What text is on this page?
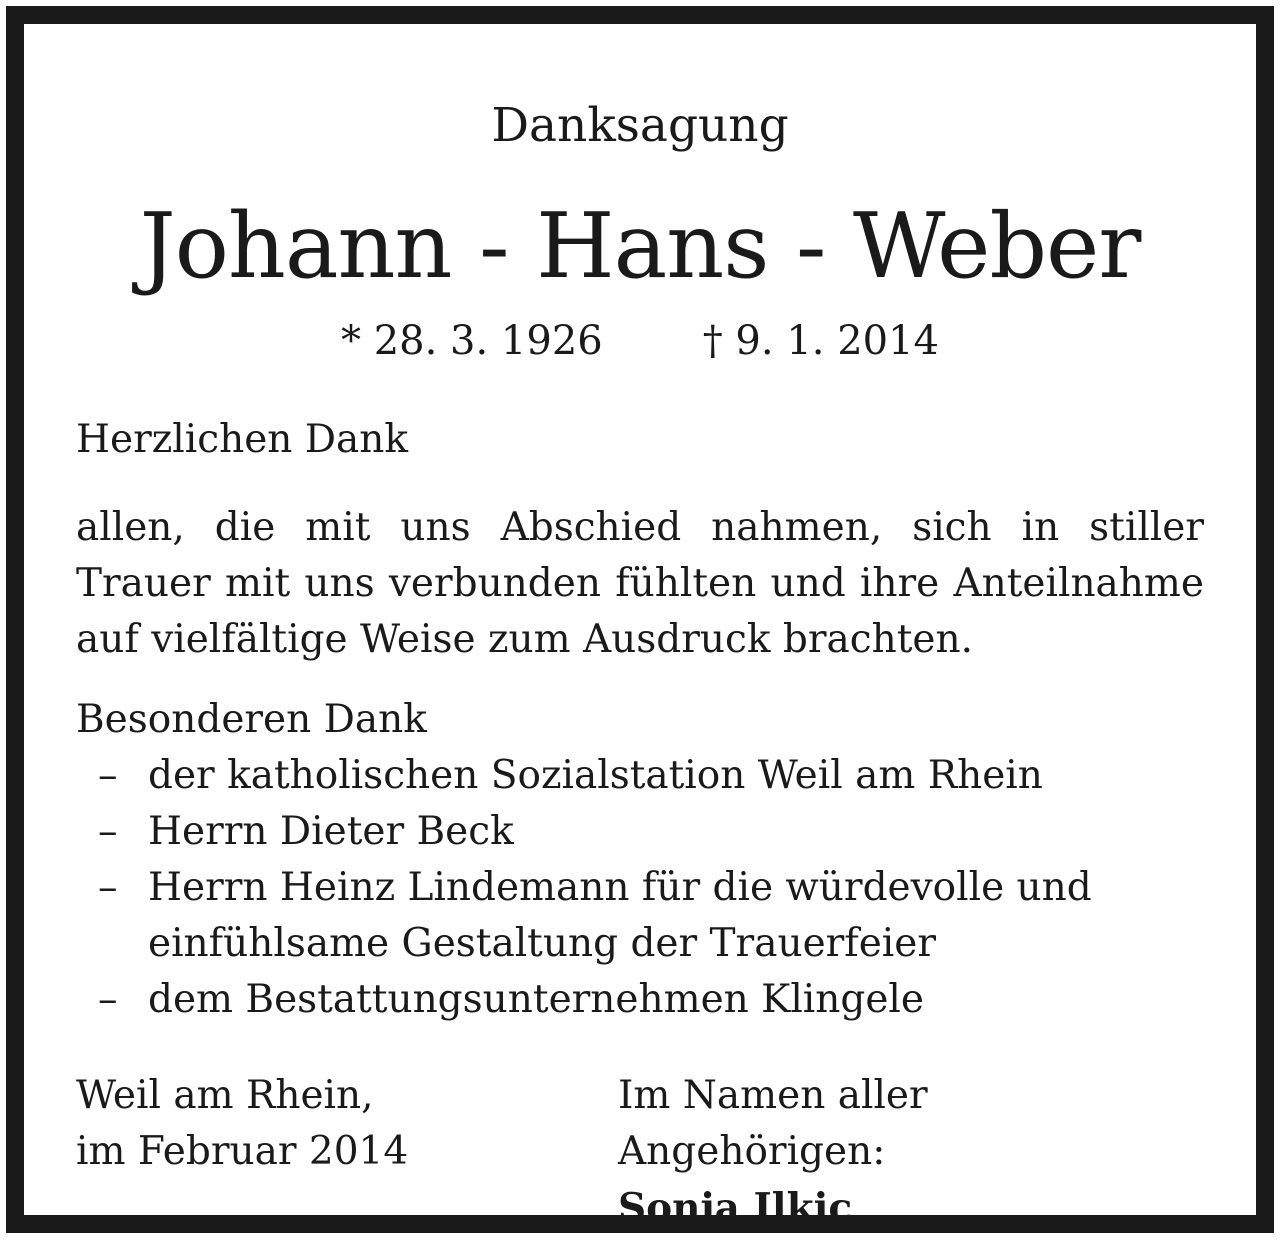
Danksagung
Johann - Hans - Weber
* 28. 3. 1926	† 9. 1. 2014
Herzlichen Dank
allen, die mit uns Abschied nahmen, sich in stiller Trauer mit uns verbunden fühlten und ihre Anteilnahme auf vielfältige Weise zum Ausdruck brachten.
Besonderen Dank
– der katholischen Sozialstation Weil am Rhein
– Herrn Dieter Beck
– Herrn Heinz Lindemann für die würdevolle und einfühlsame Gestaltung der Trauerfeier
– dem Bestattungsunternehmen Klingele
Weil am Rhein,
im Februar 2014
Im Namen aller Angehörigen:
Sonja Ilkic
